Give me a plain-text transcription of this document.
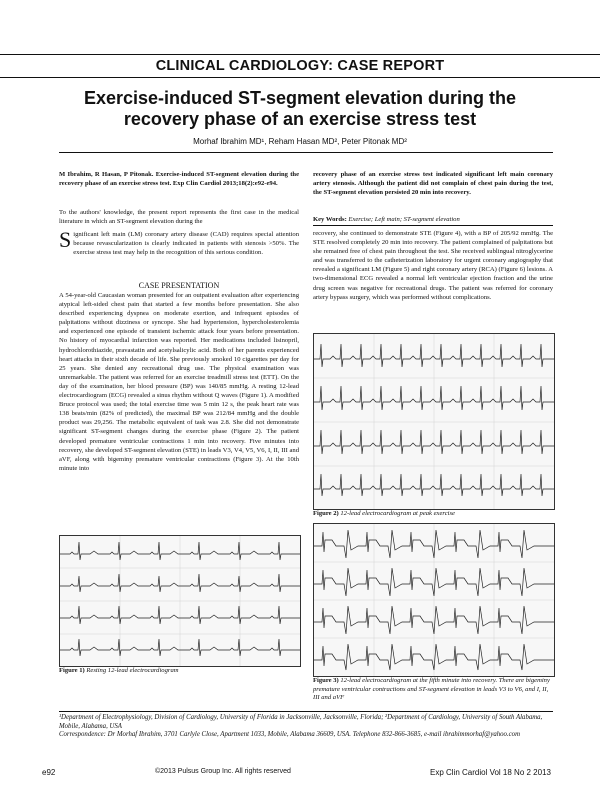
CLINICAL CARDIOLOGY: CASE REPORT
Exercise-induced ST-segment elevation during the recovery phase of an exercise stress test
Morhaf Ibrahim MD¹, Reham Hasan MD², Peter Pitonak MD²
M Ibrahim, R Hasan, P Pitonak. Exercise-induced ST-segment elevation during the recovery phase of an exercise stress test. Exp Clin Cardiol 2013;18(2):e92-e94.

To the authors' knowledge, the present report represents the first case in the medical literature in which an ST-segment elevation during the

Significant left main (LM) coronary artery disease (CAD) requires special attention because revascularization is clearly indicated in patients with stenosis >50%. The exercise stress test may help in the recognition of this serious condition.

CASE PRESENTATION

A 54-year-old Caucasian woman presented for an outpatient evaluation after experiencing atypical left-sided chest pain that started a few months before presentation. She also described experiencing dyspnea on moderate exertion, and infrequent episodes of palpitations without dizziness or syncope. She had hypertension, hypercholesterolemia and experienced one episode of transient ischemic attack four years before presentation. No history of myocardial infarction was reported. Her medications included lisinopril, hydrochlorothiazide, pravastatin and acetylsalicylic acid. Both of her parents experienced heart attacks in their sixth decade of life. She previously smoked 10 cigarettes per day for 25 years. She denied any recreational drug use. The physical examination was unremarkable. The patient was referred for an exercise treadmill stress test (ETT). On the day of the examination, her blood pressure (BP) was 140/85 mmHg. A resting 12-lead electrocardiogram (ECG) revealed a sinus rhythm without Q waves (Figure 1). A modified Bruce protocol was used; the total exercise time was 5 min 12 s, the peak heart rate was 138 beats/min (82% of predicted), the maximal BP was 212/84 mmHg and the double product was 29,256. The metabolic equivalent of task was 2.8. She did not demonstrate significant ST-segment changes during the exercise phase (Figure 2). The patient developed premature ventricular contractions 1 min into recovery. Five minutes into recovery, she developed ST-segment elevation (STE) in leads V3, V4, V5, V6, I, II, III and aVF, along with bigeminy premature ventricular contractions (Figure 3). At the 10th minute into

Figure 1) Resting 12-lead electrocardiogram

recovery phase of an exercise stress test indicated significant left main coronary artery stenosis. Although the patient did not complain of chest pain during the test, the ST-segment elevation persisted 20 min into recovery.

Key Words: Exercise; Left main; ST-segment elevation

recovery, she continued to demonstrate STE (Figure 4), with a BP of 205/92 mmHg. The STE resolved completely 20 min into recovery. The patient complained of palpitations but she remained free of chest pain throughout the test. She received sublingual nitroglycerine and was transferred to the catheterization laboratory for urgent coronary angiography that revealed a significant LM (Figure 5) and right coronary artery (RCA) (Figure 6) lesions. A two-dimensional ECG revealed a normal left ventricular ejection fraction and the urine drug screen was negative for recreational drugs. The patient was referred for coronary artery bypass surgery, which was performed without complications.

Figure 2) 12-lead electrocardiogram at peak exercise
Figure 3) 12-lead electrocardiogram at the fifth minute into recovery. There are bigeminy premature ventricular contractions and ST-segment elevation in leads V3 to V6, and I, II, III and aVF
¹Department of Electrophysiology, Division of Cardiology, University of Florida in Jacksonville, Jacksonville, Florida; ²Department of Cardiology, University of South Alabama, Mobile, Alabama, USA
Correspondence: Dr Morhaf Ibrahim, 3701 Carlyle Close, Apartment 1033, Mobile, Alabama 36609, USA. Telephone 832-866-3685, e-mail ibrahimmorhaf@yahoo.com
e92	©2013 Pulsus Group Inc. All rights reserved	Exp Clin Cardiol Vol 18 No 2 2013
